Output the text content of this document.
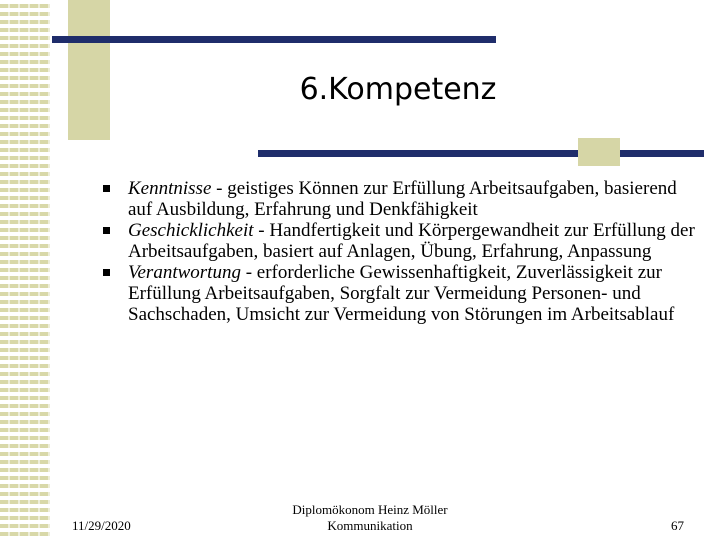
6.Kompetenz
Kenntnisse - geistiges Können zur Erfüllung Arbeitsaufgaben, basierend auf Ausbildung, Erfahrung und Denkfähigkeit
Geschicklichkeit - Handfertigkeit und Körpergewandheit zur Erfüllung der Arbeitsaufgaben, basiert auf Anlagen, Übung, Erfahrung, Anpassung
Verantwortung - erforderliche Gewissenhaftigkeit, Zuverlässigkeit zur Erfüllung Arbeitsaufgaben, Sorgfalt zur Vermeidung Personen- und Sachschaden, Umsicht zur Vermeidung von Störungen im Arbeitsablauf
11/29/2020
Diplomökonom Heinz Möller
Kommunikation	67
